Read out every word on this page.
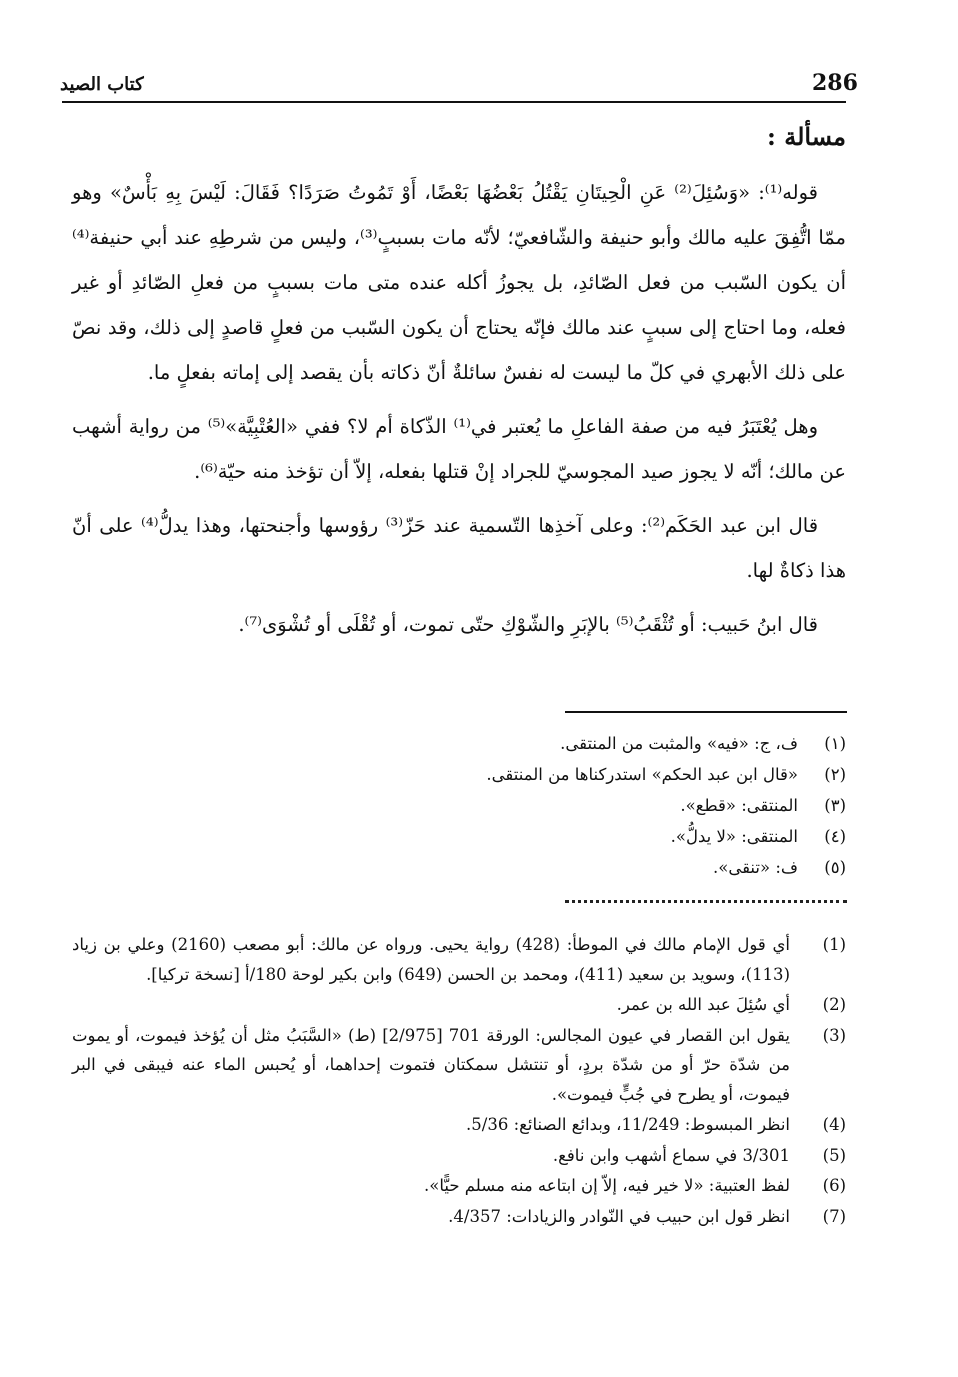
286
كتاب الصيد
مسألة :

قوله⁽¹⁾: «وَسُئِلَ⁽²⁾ عَنِ الْحِيتَانِ يَقْتُلُ بَعْضُهَا بَعْضًا، أَوْ تَمُوتُ صَرَدًا؟ فَقَالَ: لَيْسَ بِهِ بَأْسٌ» وهو ممّا اتُّفِقَ عليه مالك وأبو حنيفة والشّافعيّ؛ لأنّه مات بسببٍ⁽³⁾، وليس من شرطِهِ عند أبي حنيفة⁽⁴⁾ أن يكون السّبب من فعل الصّائدِ، بل يجوزُ أكله عنده متى مات بسببٍ من فعلِ الصّائدِ أو غير فعله، وما احتاج إلى سببٍ عند مالك فإنّه يحتاج أن يكون السّبب من فعلٍ قاصدٍ إلى ذلك، وقد نصّ على ذلك الأبهري في كلّ ما ليست له نفسٌ سائلةٌ أنّ ذكاته بأن يقصد إلى إماته بفعلٍ ما.

وهل يُعْتَبَرُ فيه من صفة الفاعلِ ما يُعتبر في⁽¹⁾ الذّكاة أم لا؟ ففي «العُتْبِيَّة»⁽⁵⁾ من رواية أشهب عن مالك؛ أنّه لا يجوز صيد المجوسيّ للجراد إنْ قتلها بفعله، إلاّ أن تؤخذ منه حيّة⁽⁶⁾.

قال ابن عبد الحَكَم⁽²⁾: وعلى آخذِها التّسمية عند حَزّ⁽³⁾ رؤوسها وأجنحتها، وهذا يدلُّ⁽⁴⁾ على أنّ هذا ذكاةٌ لها.

قال ابنُ حَبيب: أو تُثْقَبُ⁽⁵⁾ بالإبَرِ والشّوْكِ حتّى تموت، أو تُقْلَى أو تُشْوَى⁽⁷⁾.

(١)
ف، ج: «فيه» والمثبت من المنتقى.
(٢)
«قال ابن عبد الحكم» استدركناها من المنتقى.
(٣)
المنتقى: «قطع».
(٤)
المنتقى: «لا يدلُّ».
(٥)
ف: «تنقى».
(1)
أي قول الإمام مالك في الموطأ: (428) رواية يحيى. ورواه عن مالك: أبو مصعب (2160) وعلي بن زياد (113)، وسويد بن سعيد (411)، ومحمد بن الحسن (649) وابن بكير لوحة 180/أ [نسخة تركيا].
(2)
أي سُئِلَ عبد الله بن عمر.
(3)
يقول ابن القصار في عيون المجالس: الورقة 701 [2/975] (ط) «السَّبَبُ مثل أن يُؤخذ فيموت، أو يموت من شدّة حرّ أو من شدّة بردٍ، أو تنتشل سمكتان فتموت إحداهما، أو يُحبس الماء عنه فيبقى في البر فيموت، أو يطرح في جُبٍّ فيموت».
(4)
انظر المبسوط: 11/249، وبدائع الصنائع: 5/36.
(5)
3/301 في سماع أشهب وابن نافع.
(6)
لفظ العتبية: «لا خير فيه، إلاّ إن ابتاعه منه مسلم حيًّا».
(7)
انظر قول ابن حبيب في النّوادر والزيادات: 4/357.
